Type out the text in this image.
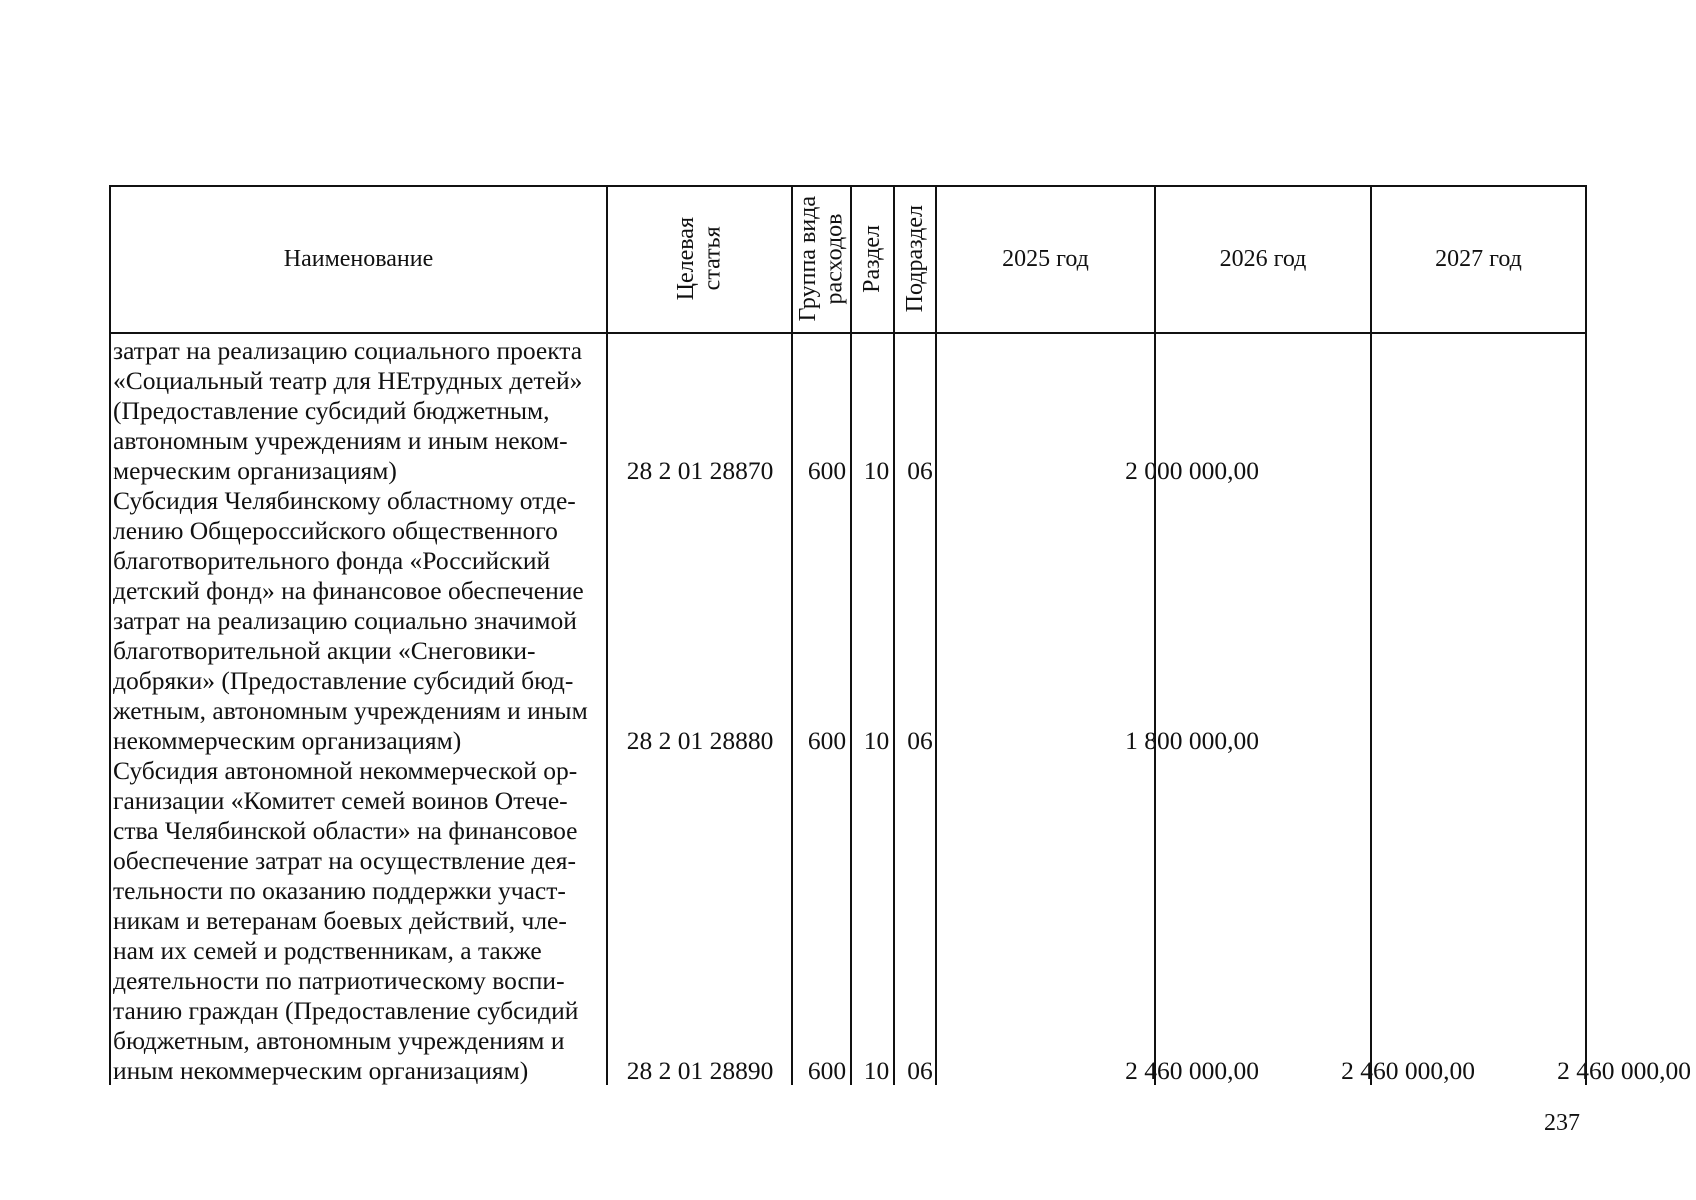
Наименование	Целевая статья	Группа вида расходов Раздел Подраздел	2025 год	2026 год	2027 год

затрат на реализацию социального проекта

«Социальный театр для НЕтрудных детей»

(Предоставление субсидий бюджетным,

автономным учреждениям и иным неком-

мерческим организациям)	28 2 01 28870	600 10 06	2 000 000,00

Субсидия Челябинскому областному отде-

лению Общероссийского общественного

благотворительного фонда «Российский

детский фонд» на финансовое обеспечение

затрат на реализацию социально значимой

благотворительной акции «Снеговики-

добряки» (Предоставление субсидий бюд-

жетным, автономным учреждениям и иным

некоммерческим организациям)	28 2 01 28880	600 10 06	1 800 000,00

Субсидия автономной некоммерческой ор-

ганизации «Комитет семей воинов Отече-

ства Челябинской области» на финансовое

обеспечение затрат на осуществление дея-

тельности по оказанию поддержки участ-

никам и ветеранам боевых действий, чле-

нам их семей и родственникам, а также

деятельности по патриотическому воспи-

танию граждан (Предоставление субсидий

бюджетным, автономным учреждениям и

иным некоммерческим организациям)	28 2 01 28890	600 10 06	2 460 000,00	2 460 000,00	2 460 000,00
237
